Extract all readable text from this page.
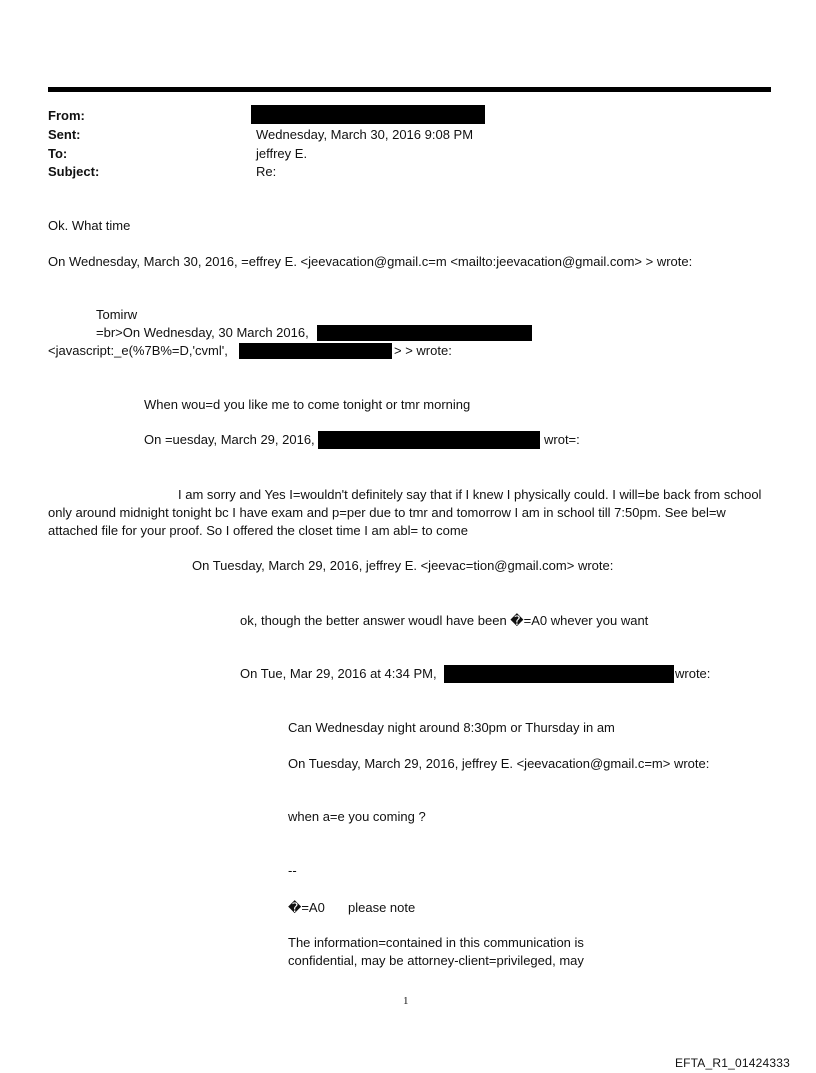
From:
Sent:	Wednesday, March 30, 2016 9:08 PM
To:	jeffrey E.
Subject:	Re:
Ok. What time
On Wednesday, March 30, 2016, =effrey E. <jeevacation@gmail.c=m <mailto:jeevacation@gmail.com> > wrote:
Tomirw
=br>On Wednesday, 30 March 2016,
<javascript:_e(%7B%=D,'cvml',	> > wrote:
When wou=d you like me to come tonight or tmr morning
On =uesday, March 29, 2016,	wrot=:
I am sorry and Yes I=wouldn't definitely say that if I knew I physically could. I will=be back from school only around midnight tonight bc I have exam and p=per due to tmr and tomorrow I am in school till 7:50pm. See bel=w attached file for your proof. So I offered the closet time I am abl= to come
On Tuesday, March 29, 2016, jeffrey E. <jeevac=tion@gmail.com> wrote:
ok, though the better answer woudl have been �=A0 whever you want
On Tue, Mar 29, 2016 at 4:34 PM,	wrote:
Can Wednesday night around 8:30pm or Thursday in am
On Tuesday, March 29, 2016, jeffrey E. <jeevacation@gmail.c=m> wrote:
when a=e you coming ?
--
�=A0 please note
The information=contained in this communication is
confidential, may be attorney-client=privileged, may
1
EFTA_R1_01424333
